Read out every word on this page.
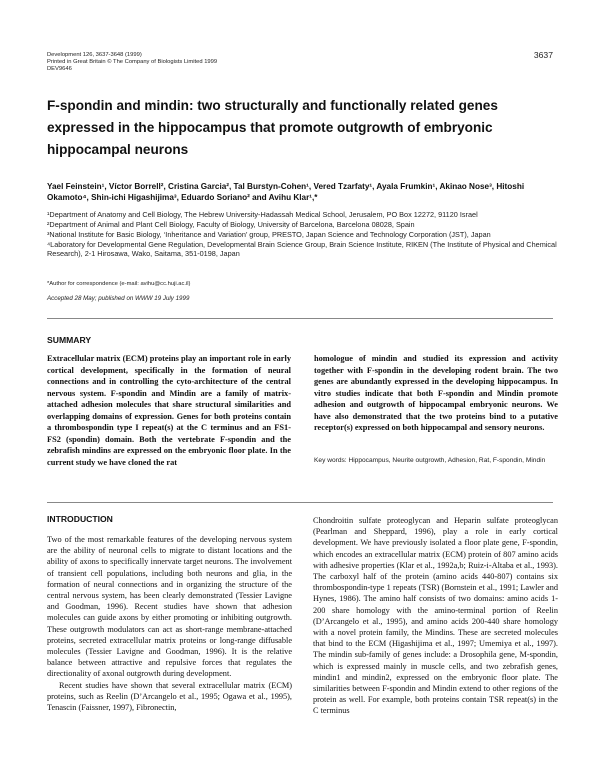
Development 126, 3637-3648 (1999)
Printed in Great Britain © The Company of Biologists Limited 1999
DEV9646
3637
F-spondin and mindin: two structurally and functionally related genes expressed in the hippocampus that promote outgrowth of embryonic hippocampal neurons
Yael Feinstein¹, Víctor Borrell², Cristina Garcia², Tal Burstyn-Cohen¹, Vered Tzarfaty¹, Ayala Frumkin¹, Akinao Nose³, Hitoshi Okamoto⁴, Shin-ichi Higashijima³, Eduardo Soriano² and Avihu Klar¹,*

¹Department of Anatomy and Cell Biology, The Hebrew University-Hadassah Medical School, Jerusalem, PO Box 12272, 91120 Israel

²Department of Animal and Plant Cell Biology, Faculty of Biology, University of Barcelona, Barcelona 08028, Spain

³National Institute for Basic Biology, ‘Inheritance and Variation’ group, PRESTO, Japan Science and Technology Corporation (JST), Japan

⁴Laboratory for Developmental Gene Regulation, Developmental Brain Science Group, Brain Science Institute, RIKEN (The Institute of Physical and Chemical Research), 2-1 Hirosawa, Wako, Saitama, 351-0198, Japan

*Author for correspondence (e-mail: avihu@cc.huji.ac.il)
Accepted 28 May; published on WWW 19 July 1999
SUMMARY
Extracellular matrix (ECM) proteins play an important role in early cortical development, specifically in the formation of neural connections and in controlling the cyto-architecture of the central nervous system. F-spondin and Mindin are a family of matrix-attached adhesion molecules that share structural similarities and overlapping domains of expression. Genes for both proteins contain a thrombospondin type I repeat(s) at the C terminus and an FS1-FS2 (spondin) domain. Both the vertebrate F-spondin and the zebrafish mindins are expressed on the embryonic floor plate. In the current study we have cloned the rat
homologue of mindin and studied its expression and activity together with F-spondin in the developing rodent brain. The two genes are abundantly expressed in the developing hippocampus. In vitro studies indicate that both F-spondin and Mindin promote adhesion and outgrowth of hippocampal embryonic neurons. We have also demonstrated that the two proteins bind to a putative receptor(s) expressed on both hippocampal and sensory neurons.
Key words: Hippocampus, Neurite outgrowth, Adhesion, Rat, F-spondin, Mindin
INTRODUCTION

Two of the most remarkable features of the developing nervous system are the ability of neuronal cells to migrate to distant locations and the ability of axons to specifically innervate target neurons. The involvement of transient cell populations, including both neurons and glia, in the formation of neural connections and in organizing the structure of the central nervous system, has been clearly demonstrated (Tessier Lavigne and Goodman, 1996). Recent studies have shown that adhesion molecules can guide axons by either promoting or inhibiting outgrowth. These outgrowth modulators can act as short-range membrane-attached proteins, secreted extracellular matrix proteins or long-range diffusable molecules (Tessier Lavigne and Goodman, 1996). It is the relative balance between attractive and repulsive forces that regulates the directionality of axonal outgrowth during development.

Recent studies have shown that several extracellular matrix (ECM) proteins, such as Reelin (D’Arcangelo et al., 1995; Ogawa et al., 1995), Tenascin (Faissner, 1997), Fibronectin,

Chondroitin sulfate proteoglycan and Heparin sulfate proteoglycan (Pearlman and Sheppard, 1996), play a role in early cortical development. We have previously isolated a floor plate gene, F-spondin, which encodes an extracellular matrix (ECM) protein of 807 amino acids with adhesive properties (Klar et al., 1992a,b; Ruiz-i-Altaba et al., 1993). The carboxyl half of the protein (amino acids 440-807) contains six thrombospondin-type 1 repeats (TSR) (Bornstein et al., 1991; Lawler and Hynes, 1986). The amino half consists of two domains: amino acids 1-200 share homology with the amino-terminal portion of Reelin (D’Arcangelo et al., 1995), and amino acids 200-440 share homology with a novel protein family, the Mindins. These are secreted molecules that bind to the ECM (Higashijima et al., 1997; Umemiya et al., 1997). The mindin sub-family of genes include: a Drosophila gene, M-spondin, which is expressed mainly in muscle cells, and two zebrafish genes, mindin1 and mindin2, expressed on the embryonic floor plate. The similarities between F-spondin and Mindin extend to other regions of the protein as well. For example, both proteins contain TSR repeat(s) in the C terminus
